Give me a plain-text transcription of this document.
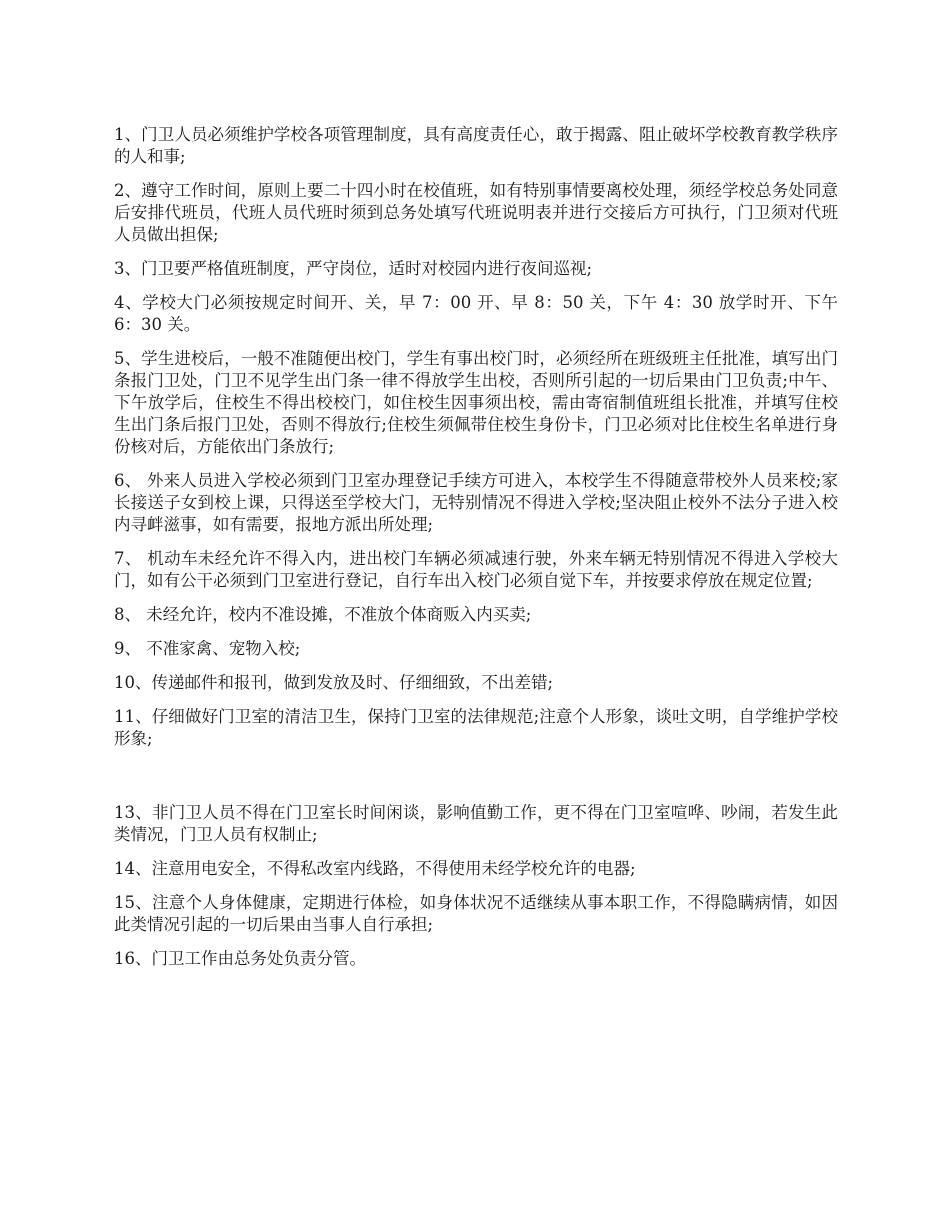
1、门卫人员必须维护学校各项管理制度，具有高度责任心，敢于揭露、阻止破坏学校教育教学秩序的人和事;

2、遵守工作时间，原则上要二十四小时在校值班，如有特别事情要离校处理，须经学校总务处同意后安排代班员，代班人员代班时须到总务处填写代班说明表并进行交接后方可执行，门卫须对代班人员做出担保;

3、门卫要严格值班制度，严守岗位，适时对校园内进行夜间巡视;

4、学校大门必须按规定时间开、关，早 7：00 开、早 8：50 关，下午 4：30 放学时开、下午 6：30 关。

5、学生进校后，一般不准随便出校门，学生有事出校门时，必须经所在班级班主任批准，填写出门条报门卫处，门卫不见学生出门条一律不得放学生出校，否则所引起的一切后果由门卫负责;中午、下午放学后，住校生不得出校校门，如住校生因事须出校，需由寄宿制值班组长批准，并填写住校生出门条后报门卫处，否则不得放行;住校生须佩带住校生身份卡，门卫必须对比住校生名单进行身份核对后，方能依出门条放行;

6、 外来人员进入学校必须到门卫室办理登记手续方可进入，本校学生不得随意带校外人员来校;家长接送子女到校上课，只得送至学校大门，无特别情况不得进入学校;坚决阻止校外不法分子进入校内寻衅滋事，如有需要，报地方派出所处理;

7、 机动车未经允许不得入内，进出校门车辆必须减速行驶，外来车辆无特别情况不得进入学校大门，如有公干必须到门卫室进行登记，自行车出入校门必须自觉下车，并按要求停放在规定位置;

8、 未经允许，校内不准设摊，不准放个体商贩入内买卖;

9、 不准家禽、宠物入校;

10、传递邮件和报刊，做到发放及时、仔细细致，不出差错;

11、仔细做好门卫室的清洁卫生，保持门卫室的法律规范;注意个人形象，谈吐文明，自学维护学校形象;

13、非门卫人员不得在门卫室长时间闲谈，影响值勤工作，更不得在门卫室喧哗、吵闹，若发生此类情况，门卫人员有权制止;

14、注意用电安全，不得私改室内线路，不得使用未经学校允许的电器;

15、注意个人身体健康，定期进行体检，如身体状况不适继续从事本职工作，不得隐瞒病情，如因此类情况引起的一切后果由当事人自行承担;

16、门卫工作由总务处负责分管。
